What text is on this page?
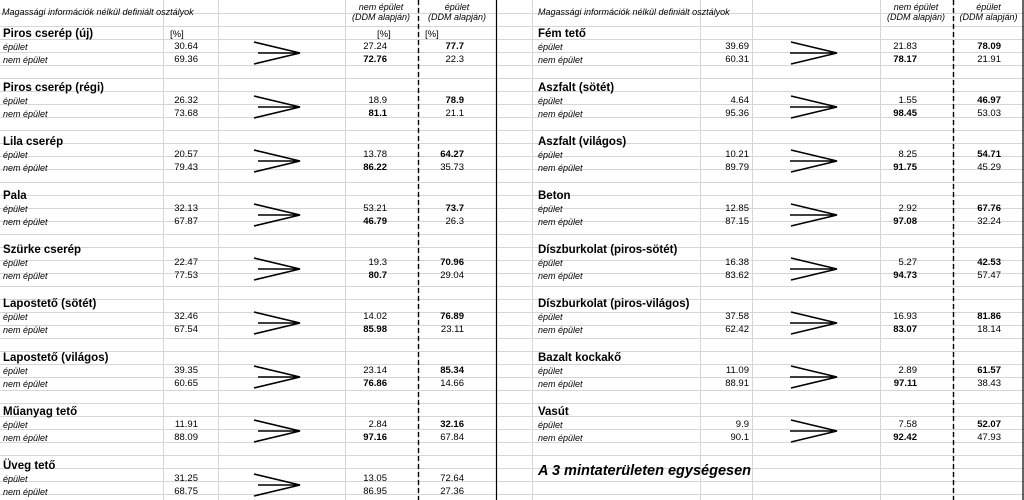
Magassági információk nélkül definiált osztályok	nem épület
(DDM alapján)
épület
(DDM alapján)	Magassági információk nélkül definiált osztályok	nem épület
(DDM alapján)
épület
(DDM alapján)
[%]	[%]	[%]
A 3 mintaterületen egységesen
Piros cserép (új)
épület	30.64	27.24	77.7
nem épület	69.36	72.76	22.3
Piros cserép (régi)
épület	26.32	18.9	78.9
nem épület	73.68	81.1	21.1
Lila cserép
épület	20.57	13.78	64.27
nem épület	79.43	86.22	35.73
Pala
épület	32.13	53.21	73.7
nem épület	67.87	46.79	26.3
Szürke cserép
épület	22.47	19.3	70.96
nem épület	77.53	80.7	29.04
Lapostető (sötét)
épület	32.46	14.02	76.89
nem épület	67.54	85.98	23.11
Lapostető (világos)
épület	39.35	23.14	85.34
nem épület	60.65	76.86	14.66
Műanyag tető
épület	11.91	2.84	32.16
nem épület	88.09	97.16	67.84
Üveg tető
épület	31.25	13.05	72.64
nem épület	68.75	86.95	27.36
Fém tető
épület	39.69	21.83	78.09
nem épület	60.31	78.17	21.91
Aszfalt (sötét)
épület	4.64	1.55	46.97
nem épület	95.36	98.45	53.03
Aszfalt (világos)
épület	10.21	8.25	54.71
nem épület	89.79	91.75	45.29
Beton
épület	12.85	2.92	67.76
nem épület	87.15	97.08	32.24
Díszburkolat (piros-sötét)
épület	16.38	5.27	42.53
nem épület	83.62	94.73	57.47
Díszburkolat (piros-világos)
épület	37.58	16.93	81.86
nem épület	62.42	83.07	18.14
Bazalt kockakő
épület	11.09	2.89	61.57
nem épület	88.91	97.11	38.43
Vasút
épület	9.9	7.58	52.07
nem épület	90.1	92.42	47.93
